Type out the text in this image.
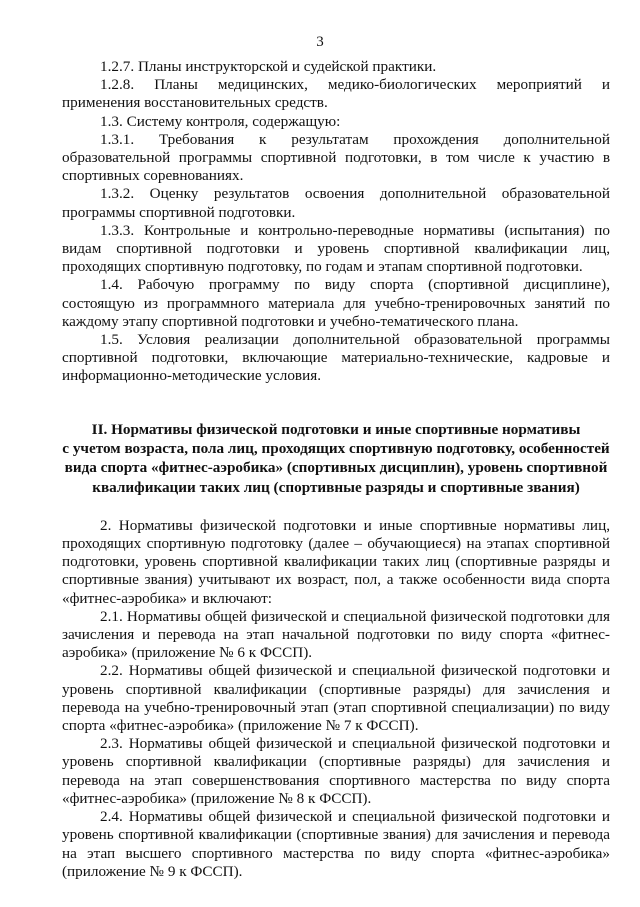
3

1.2.7. Планы инструкторской и судейской практики.

1.2.8. Планы медицинских, медико-биологических мероприятий и применения восстановительных средств.

1.3. Систему контроля, содержащую:

1.3.1. Требования к результатам прохождения дополнительной образовательной программы спортивной подготовки, в том числе к участию в спортивных соревнованиях.

1.3.2. Оценку результатов освоения дополнительной образовательной программы спортивной подготовки.

1.3.3. Контрольные и контрольно-переводные нормативы (испытания) по видам спортивной подготовки и уровень спортивной квалификации лиц, проходящих спортивную подготовку, по годам и этапам спортивной подготовки.

1.4. Рабочую программу по виду спорта (спортивной дисциплине), состоящую из программного материала для учебно-тренировочных занятий по каждому этапу спортивной подготовки и учебно-тематического плана.

1.5. Условия реализации дополнительной образовательной программы спортивной подготовки, включающие материально-технические, кадровые и информационно-методические условия.

II. Нормативы физической подготовки и иные спортивные нормативы
с учетом возраста, пола лиц, проходящих спортивную подготовку, особенностей
вида спорта «фитнес-аэробика» (спортивных дисциплин), уровень спортивной
квалификации таких лиц (спортивные разряды и спортивные звания)

2. Нормативы физической подготовки и иные спортивные нормативы лиц, проходящих спортивную подготовку (далее – обучающиеся) на этапах спортивной подготовки, уровень спортивной квалификации таких лиц (спортивные разряды и спортивные звания) учитывают их возраст, пол, а также особенности вида спорта «фитнес-аэробика» и включают:

2.1. Нормативы общей физической и специальной физической подготовки для зачисления и перевода на этап начальной подготовки по виду спорта «фитнес-аэробика» (приложение № 6 к ФССП).

2.2. Нормативы общей физической и специальной физической подготовки и уровень спортивной квалификации (спортивные разряды) для зачисления и перевода на учебно-тренировочный этап (этап спортивной специализации) по виду спорта «фитнес-аэробика» (приложение № 7 к ФССП).

2.3. Нормативы общей физической и специальной физической подготовки и уровень спортивной квалификации (спортивные разряды) для зачисления и перевода на этап совершенствования спортивного мастерства по виду спорта «фитнес-аэробика» (приложение № 8 к ФССП).

2.4. Нормативы общей физической и специальной физической подготовки и уровень спортивной квалификации (спортивные звания) для зачисления и перевода на этап высшего спортивного мастерства по виду спорта «фитнес-аэробика» (приложение № 9 к ФССП).
